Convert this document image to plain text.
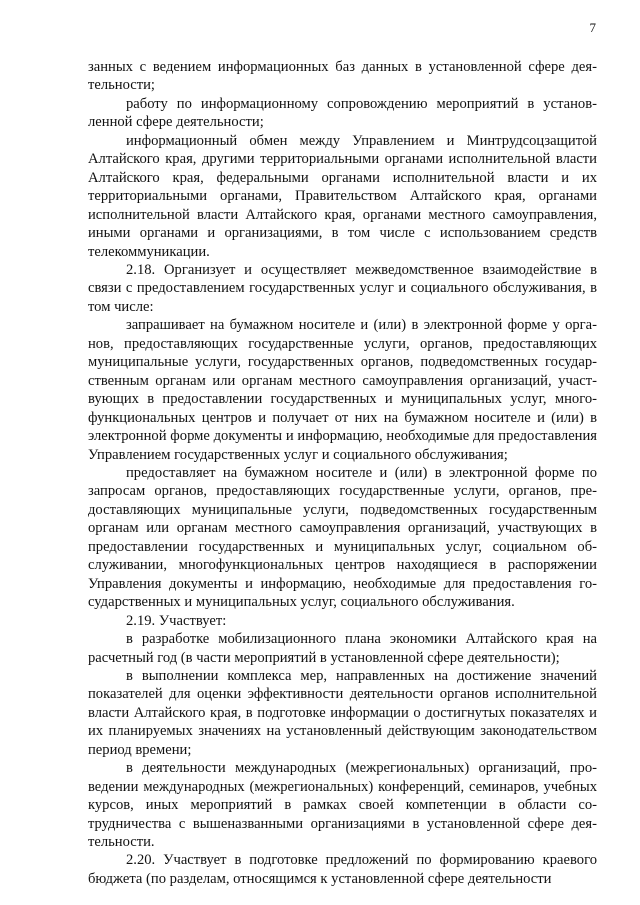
7

занных с ведением информационных баз данных в установленной сфере деятельности;

работу по информационному сопровождению мероприятий в установленной сфере деятельности;

информационный обмен между Управлением и Минтрудсоцзащитой Алтайского края, другими территориальными органами исполнительной власти Алтайского края, федеральными органами исполнительной власти и их территориальными органами, Правительством Алтайского края, органами исполнительной власти Алтайского края, органами местного самоуправления, иными органами и организациями, в том числе с использованием средств телекоммуникации.

2.18. Организует и осуществляет межведомственное взаимодействие в связи с предоставлением государственных услуг и социального обслуживания, в том числе:

запрашивает на бумажном носителе и (или) в электронной форме у органов, предоставляющих государственные услуги, органов, предоставляющих муниципальные услуги, государственных органов, подведомственных государственным органам или органам местного самоуправления организаций, участвующих в предоставлении государственных и муниципальных услуг, многофункциональных центров и получает от них на бумажном носителе и (или) в электронной форме документы и информацию, необходимые для предоставления Управлением государственных услуг и социального обслуживания;

предоставляет на бумажном носителе и (или) в электронной форме по запросам органов, предоставляющих государственные услуги, органов, предоставляющих муниципальные услуги, подведомственных государственным органам или органам местного самоуправления организаций, участвующих в предоставлении государственных и муниципальных услуг, социальном обслуживании, многофункциональных центров находящиеся в распоряжении Управления документы и информацию, необходимые для предоставления государственных и муниципальных услуг, социального обслуживания.

2.19. Участвует:

в разработке мобилизационного плана экономики Алтайского края на расчетный год (в части мероприятий в установленной сфере деятельности);

в выполнении комплекса мер, направленных на достижение значений показателей для оценки эффективности деятельности органов исполнительной власти Алтайского края, в подготовке информации о достигнутых показателях и их планируемых значениях на установленный действующим законодательством период времени;

в деятельности международных (межрегиональных) организаций, проведении международных (межрегиональных) конференций, семинаров, учебных курсов, иных мероприятий в рамках своей компетенции в области сотрудничества с вышеназванными организациями в установленной сфере деятельности.

2.20. Участвует в подготовке предложений по формированию краевого бюджета (по разделам, относящимся к установленной сфере деятельности
